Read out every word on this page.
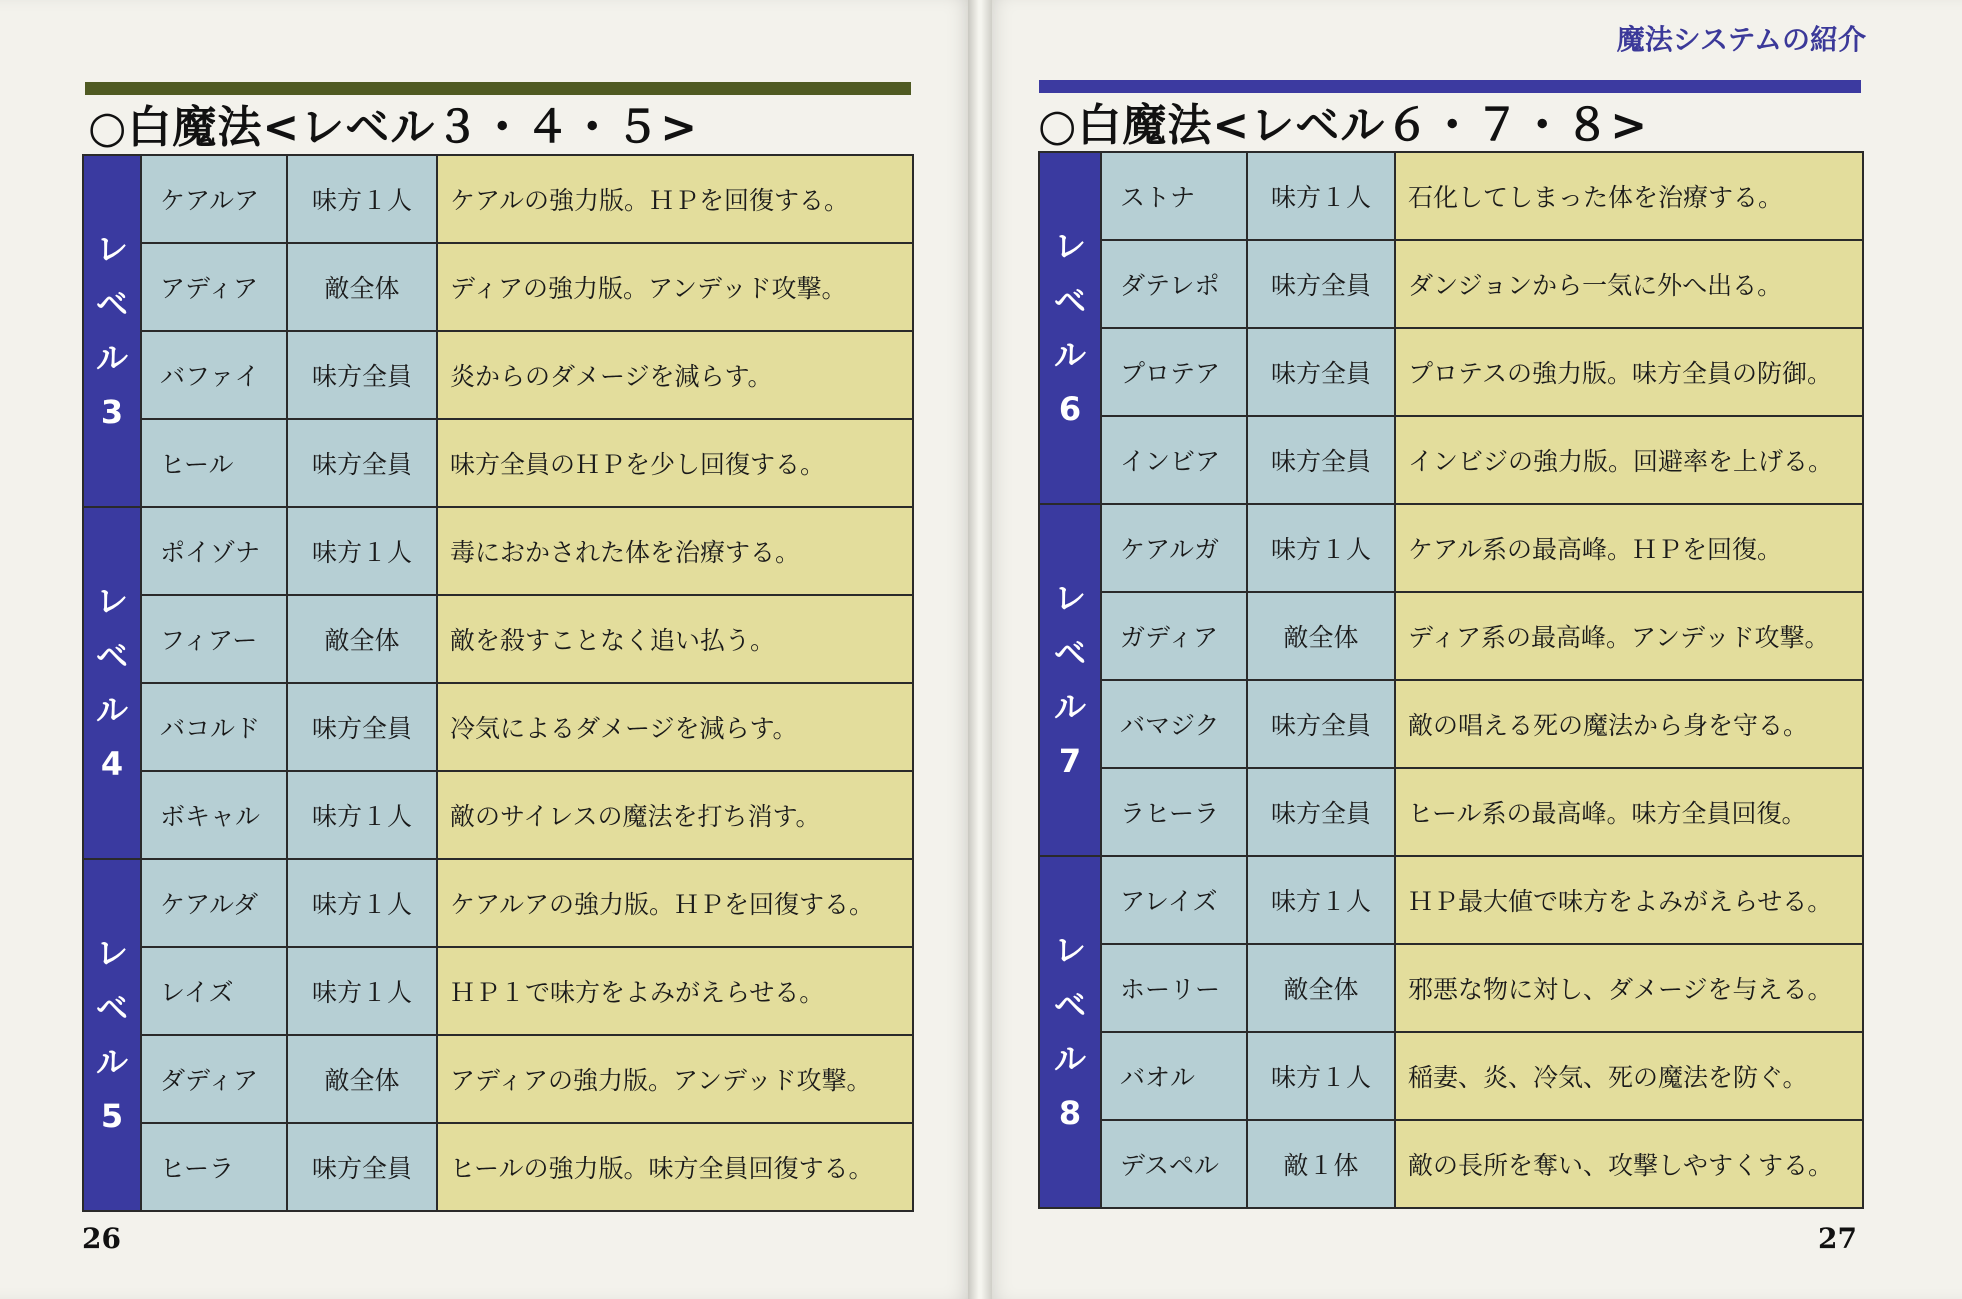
○白魔法<レベル３・４・５>
レベル3	ケアルア	味方１人	ケアルの強力版。ＨＰを回復する。
	アディア	敵全体	ディアの強力版。アンデッド攻撃。
	バファイ	味方全員	炎からのダメージを減らす。
	ヒール	味方全員	味方全員のＨＰを少し回復する。

レベル4	ポイゾナ	味方１人	毒におかされた体を治療する。
	フィアー	敵全体	敵を殺すことなく追い払う。
	バコルド	味方全員	冷気によるダメージを減らす。
	ボキャル	味方１人	敵のサイレスの魔法を打ち消す。

レベル5	ケアルダ	味方１人	ケアルアの強力版。ＨＰを回復する。
	レイズ	味方１人	ＨＰ１で味方をよみがえらせる。
	ダディア	敵全体	アディアの強力版。アンデッド攻撃。
	ヒーラ	味方全員	ヒールの強力版。味方全員回復する。
26
魔法システムの紹介
○白魔法<レベル６・７・８>
レベル6	ストナ	味方１人	石化してしまった体を治療する。
	ダテレポ	味方全員	ダンジョンから一気に外へ出る。
	プロテア	味方全員	プロテスの強力版。味方全員の防御。
	インビア	味方全員	インビジの強力版。回避率を上げる。

レベル7	ケアルガ	味方１人	ケアル系の最高峰。ＨＰを回復。
	ガディア	敵全体	ディア系の最高峰。アンデッド攻撃。
	バマジク	味方全員	敵の唱える死の魔法から身を守る。
	ラヒーラ	味方全員	ヒール系の最高峰。味方全員回復。

レベル8	アレイズ	味方１人	ＨＰ最大値で味方をよみがえらせる。
	ホーリー	敵全体	邪悪な物に対し、ダメージを与える。
	バオル	味方１人	稲妻、炎、冷気、死の魔法を防ぐ。
	デスペル	敵１体	敵の長所を奪い、攻撃しやすくする。
27
